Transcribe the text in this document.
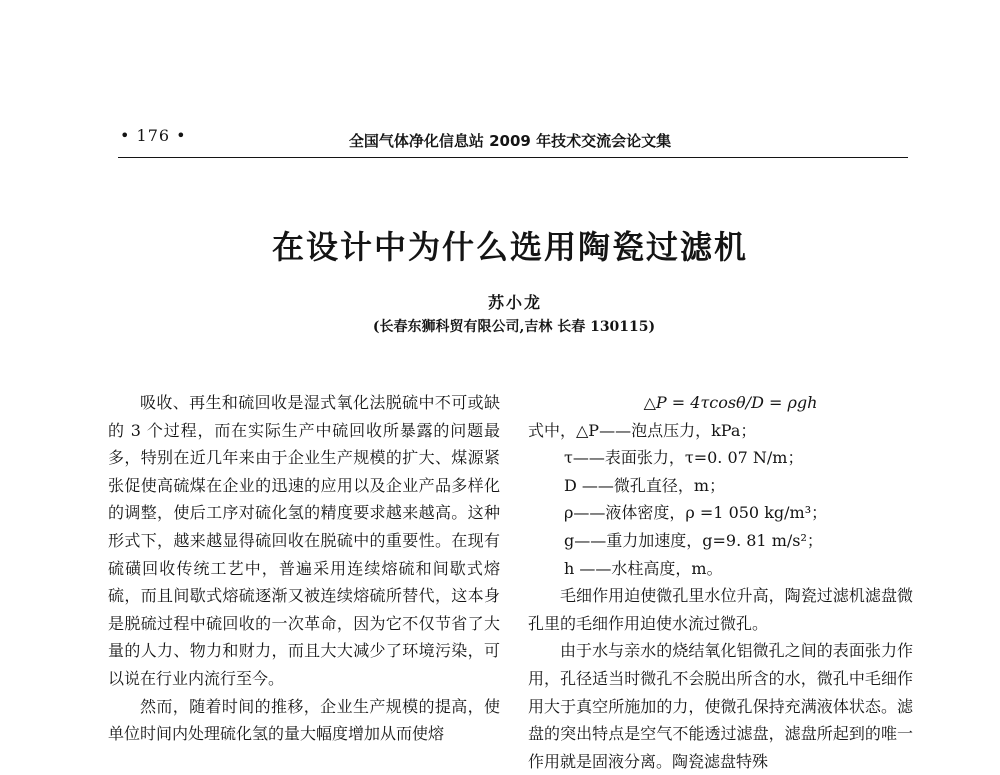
• 176 •	全国气体净化信息站 2009 年技术交流会论文集
在设计中为什么选用陶瓷过滤机
苏小龙
(长春东狮科贸有限公司,吉林 长春 130115)

吸收、再生和硫回收是湿式氧化法脱硫中不可或缺的 3 个过程，而在实际生产中硫回收所暴露的问题最多，特别在近几年来由于企业生产规模的扩大、煤源紧张促使高硫煤在企业的迅速的应用以及企业产品多样化的调整，使后工序对硫化氢的精度要求越来越高。这种形式下，越来越显得硫回收在脱硫中的重要性。在现有硫磺回收传统工艺中，普遍采用连续熔硫和间歇式熔硫，而且间歇式熔硫逐渐又被连续熔硫所替代，这本身是脱硫过程中硫回收的一次革命，因为它不仅节省了大量的人力、物力和财力，而且大大减少了环境污染，可以说在行业内流行至今。

然而，随着时间的推移，企业生产规模的提高，使单位时间内处理硫化氢的量大幅度增加从而使熔

△P = 4τcosθ/D = ρgh
式中，△P——泡点压力，kPa；
τ——表面张力，τ=0. 07 N/m；
D ——微孔直径，m；
ρ——液体密度，ρ =1 050 kg/m³；
g——重力加速度，g=9. 81 m/s²；
h ——水柱高度，m。

毛细作用迫使微孔里水位升高，陶瓷过滤机滤盘微孔里的毛细作用迫使水流过微孔。

由于水与亲水的烧结氧化铝微孔之间的表面张力作用，孔径适当时微孔不会脱出所含的水，微孔中毛细作用大于真空所施加的力，使微孔保持充满液体状态。滤盘的突出特点是空气不能透过滤盘，滤盘所起到的唯一作用就是固液分离。陶瓷滤盘特殊
